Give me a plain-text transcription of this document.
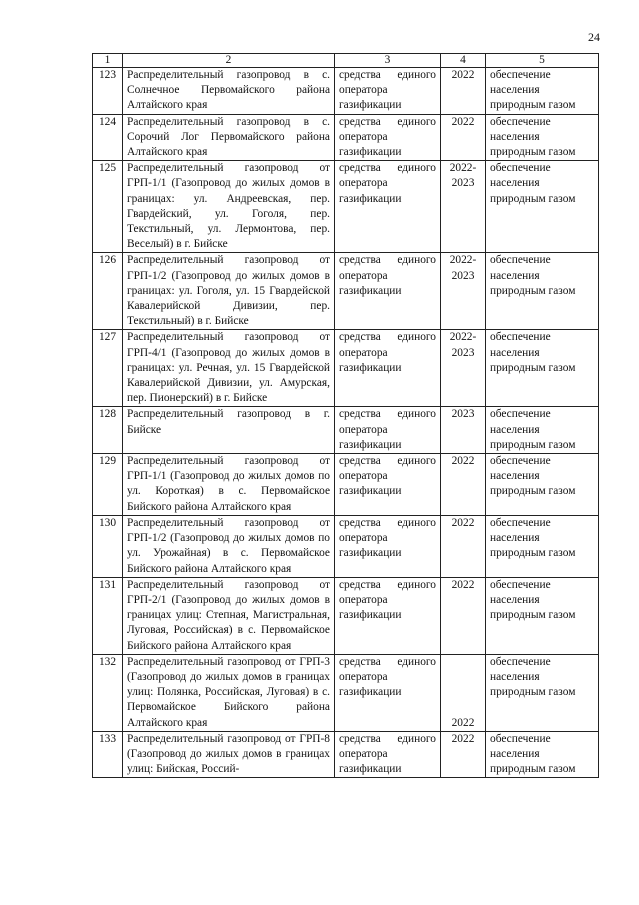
24
1	2	3	4	5
123	Распределительный газопровод в с. Солнечное Первомайского района Алтайского края	средства единого оператора газификации	2022	обеспечение населения природным газом
124	Распределительный газопровод в с. Сорочий Лог Первомайского района Алтайского края	средства единого оператора газификации	2022	обеспечение населения природным газом
125	Распределительный газопровод от ГРП-1/1 (Газопровод до жилых домов в границах: ул. Андреевская, пер. Гвардейский, ул. Гоголя, пер. Текстильный, ул. Лермонтова, пер. Веселый) в г. Бийске	средства единого оператора газификации	2022-2023	обеспечение населения природным газом
126	Распределительный газопровод от ГРП-1/2 (Газопровод до жилых домов в границах: ул. Гоголя, ул. 15 Гвардейской Кавалерийской Дивизии, пер. Текстильный) в г. Бийске	средства единого оператора газификации	2022-2023	обеспечение населения природным газом
127	Распределительный газопровод от ГРП-4/1 (Газопровод до жилых домов в границах: ул. Речная, ул. 15 Гвардейской Кавалерийской Дивизии, ул. Амурская, пер. Пионерский) в г. Бийске	средства единого оператора газификации	2022-2023	обеспечение населения природным газом
128	Распределительный газопровод в г. Бийске	средства единого оператора газификации	2023	обеспечение населения природным газом
129	Распределительный газопровод от ГРП-1/1 (Газопровод до жилых домов по ул. Короткая) в с. Первомайское Бийского района Алтайского края	средства единого оператора газификации	2022	обеспечение населения природным газом
130	Распределительный газопровод от ГРП-1/2 (Газопровод до жилых домов по ул. Урожайная) в с. Первомайское Бийского района Алтайского края	средства единого оператора газификации	2022	обеспечение населения природным газом
131	Распределительный газопровод от ГРП-2/1 (Газопровод до жилых домов в границах улиц: Степная, Магистральная, Луговая, Российская) в с. Первомайское Бийского района Алтайского края	средства единого оператора газификации	2022	обеспечение населения природным газом
132	Распределительный газопровод от ГРП-3 (Газопровод до жилых домов в границах улиц: Полянка, Российская, Луговая) в с. Первомайское Бийского района Алтайского края	средства единого оператора газификации	2022	обеспечение населения природным газом
133	Распределительный газопровод от ГРП-8 (Газопровод до жилых домов в границах улиц: Бийская, Россий-	средства единого оператора газификации	2022	обеспечение населения природным газом
